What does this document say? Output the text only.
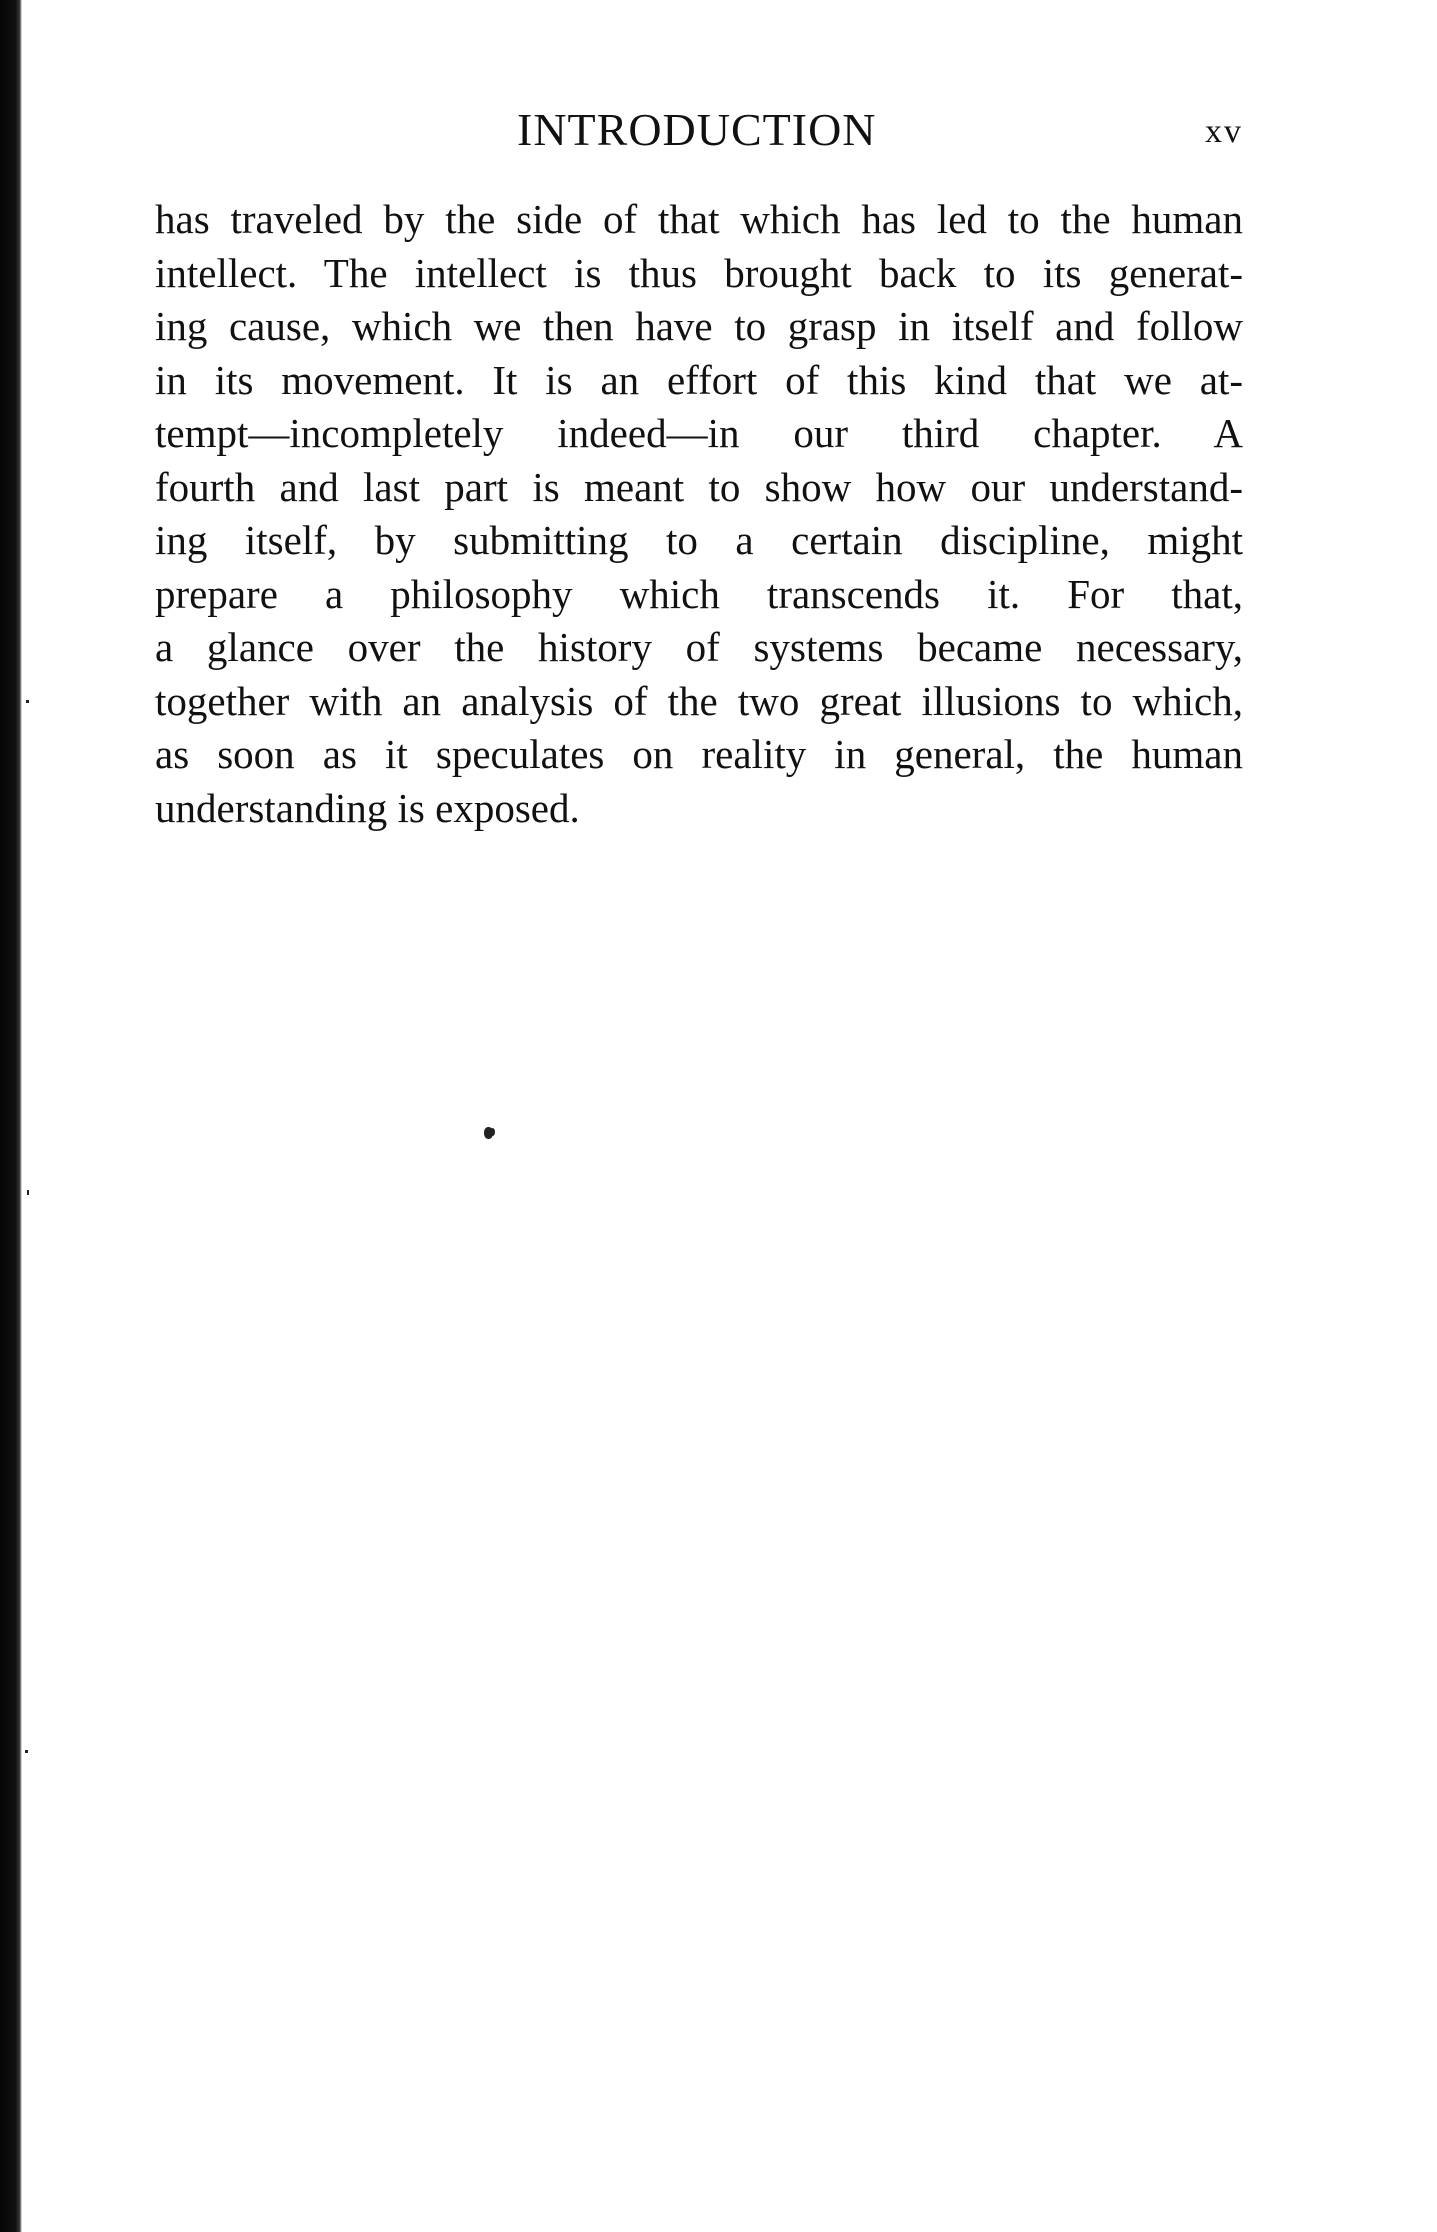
INTRODUCTION	xv

has traveled by the side of that which has led to the human
intellect. The intellect is thus brought back to its generat-
ing cause, which we then have to grasp in itself and follow
in its movement. It is an effort of this kind that we at-
tempt—incompletely indeed—in our third chapter. A
fourth and last part is meant to show how our understand-
ing itself, by submitting to a certain discipline, might
prepare a philosophy which transcends it. For that,
a glance over the history of systems became necessary,
together with an analysis of the two great illusions to which,
as soon as it speculates on reality in general, the human
understanding is exposed.
